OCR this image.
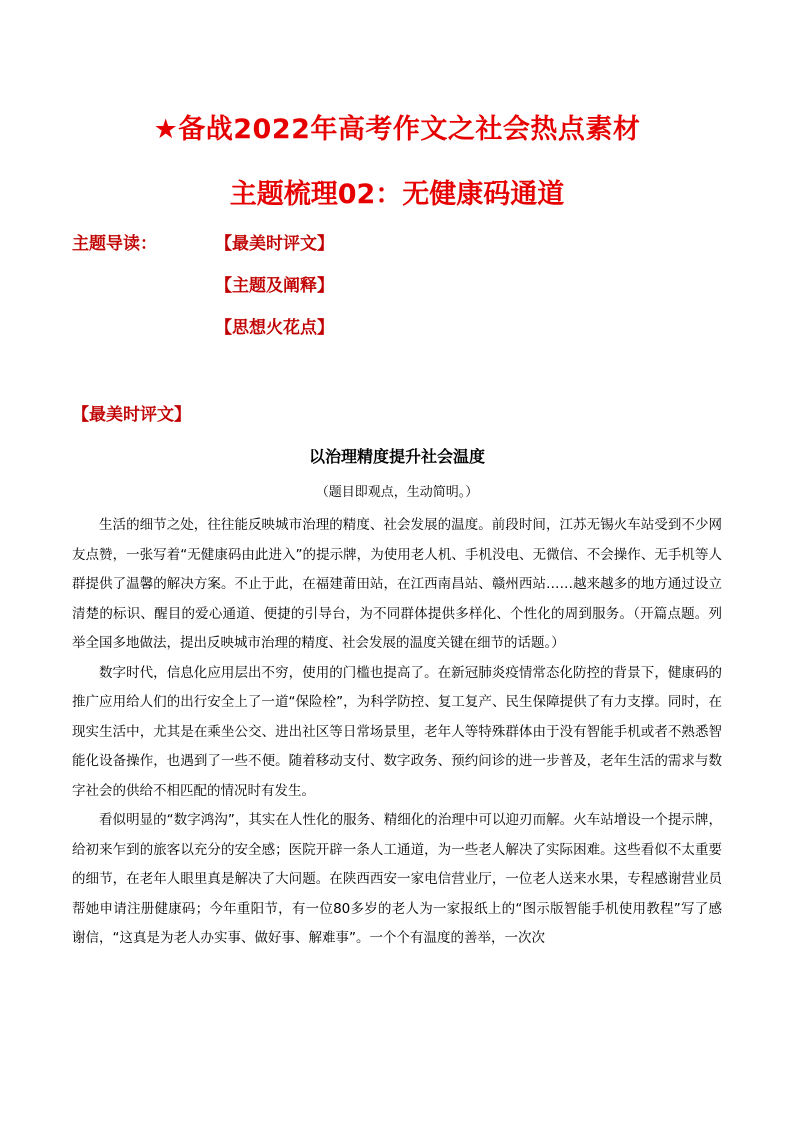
★备战2022年高考作文之社会热点素材
主题梳理02：无健康码通道
主题导读：	【最美时评文】
【主题及阐释】
【思想火花点】
【最美时评文】
以治理精度提升社会温度
（题目即观点，生动简明。）

生活的细节之处，往往能反映城市治理的精度、社会发展的温度。前段时间，江苏无锡火车站受到不少网友点赞，一张写着“无健康码由此进入”的提示牌，为使用老人机、手机没电、无微信、不会操作、无手机等人群提供了温馨的解决方案。不止于此，在福建莆田站，在江西南昌站、赣州西站……越来越多的地方通过设立清楚的标识、醒目的爱心通道、便捷的引导台，为不同群体提供多样化、个性化的周到服务。（开篇点题。列举全国多地做法，提出反映城市治理的精度、社会发展的温度关键在细节的话题。）

数字时代，信息化应用层出不穷，使用的门槛也提高了。在新冠肺炎疫情常态化防控的背景下，健康码的推广应用给人们的出行安全上了一道“保险栓”，为科学防控、复工复产、民生保障提供了有力支撑。同时，在现实生活中，尤其是在乘坐公交、进出社区等日常场景里，老年人等特殊群体由于没有智能手机或者不熟悉智能化设备操作，也遇到了一些不便。随着移动支付、数字政务、预约问诊的进一步普及，老年生活的需求与数字社会的供给不相匹配的情况时有发生。

看似明显的“数字鸿沟”，其实在人性化的服务、精细化的治理中可以迎刃而解。火车站增设一个提示牌，给初来乍到的旅客以充分的安全感；医院开辟一条人工通道，为一些老人解决了实际困难。这些看似不太重要的细节，在老年人眼里真是解决了大问题。在陕西西安一家电信营业厅，一位老人送来水果，专程感谢营业员帮她申请注册健康码；今年重阳节，有一位80多岁的老人为一家报纸上的“图示版智能手机使用教程”写了感谢信，“这真是为老人办实事、做好事、解难事”。一个个有温度的善举，一次次
